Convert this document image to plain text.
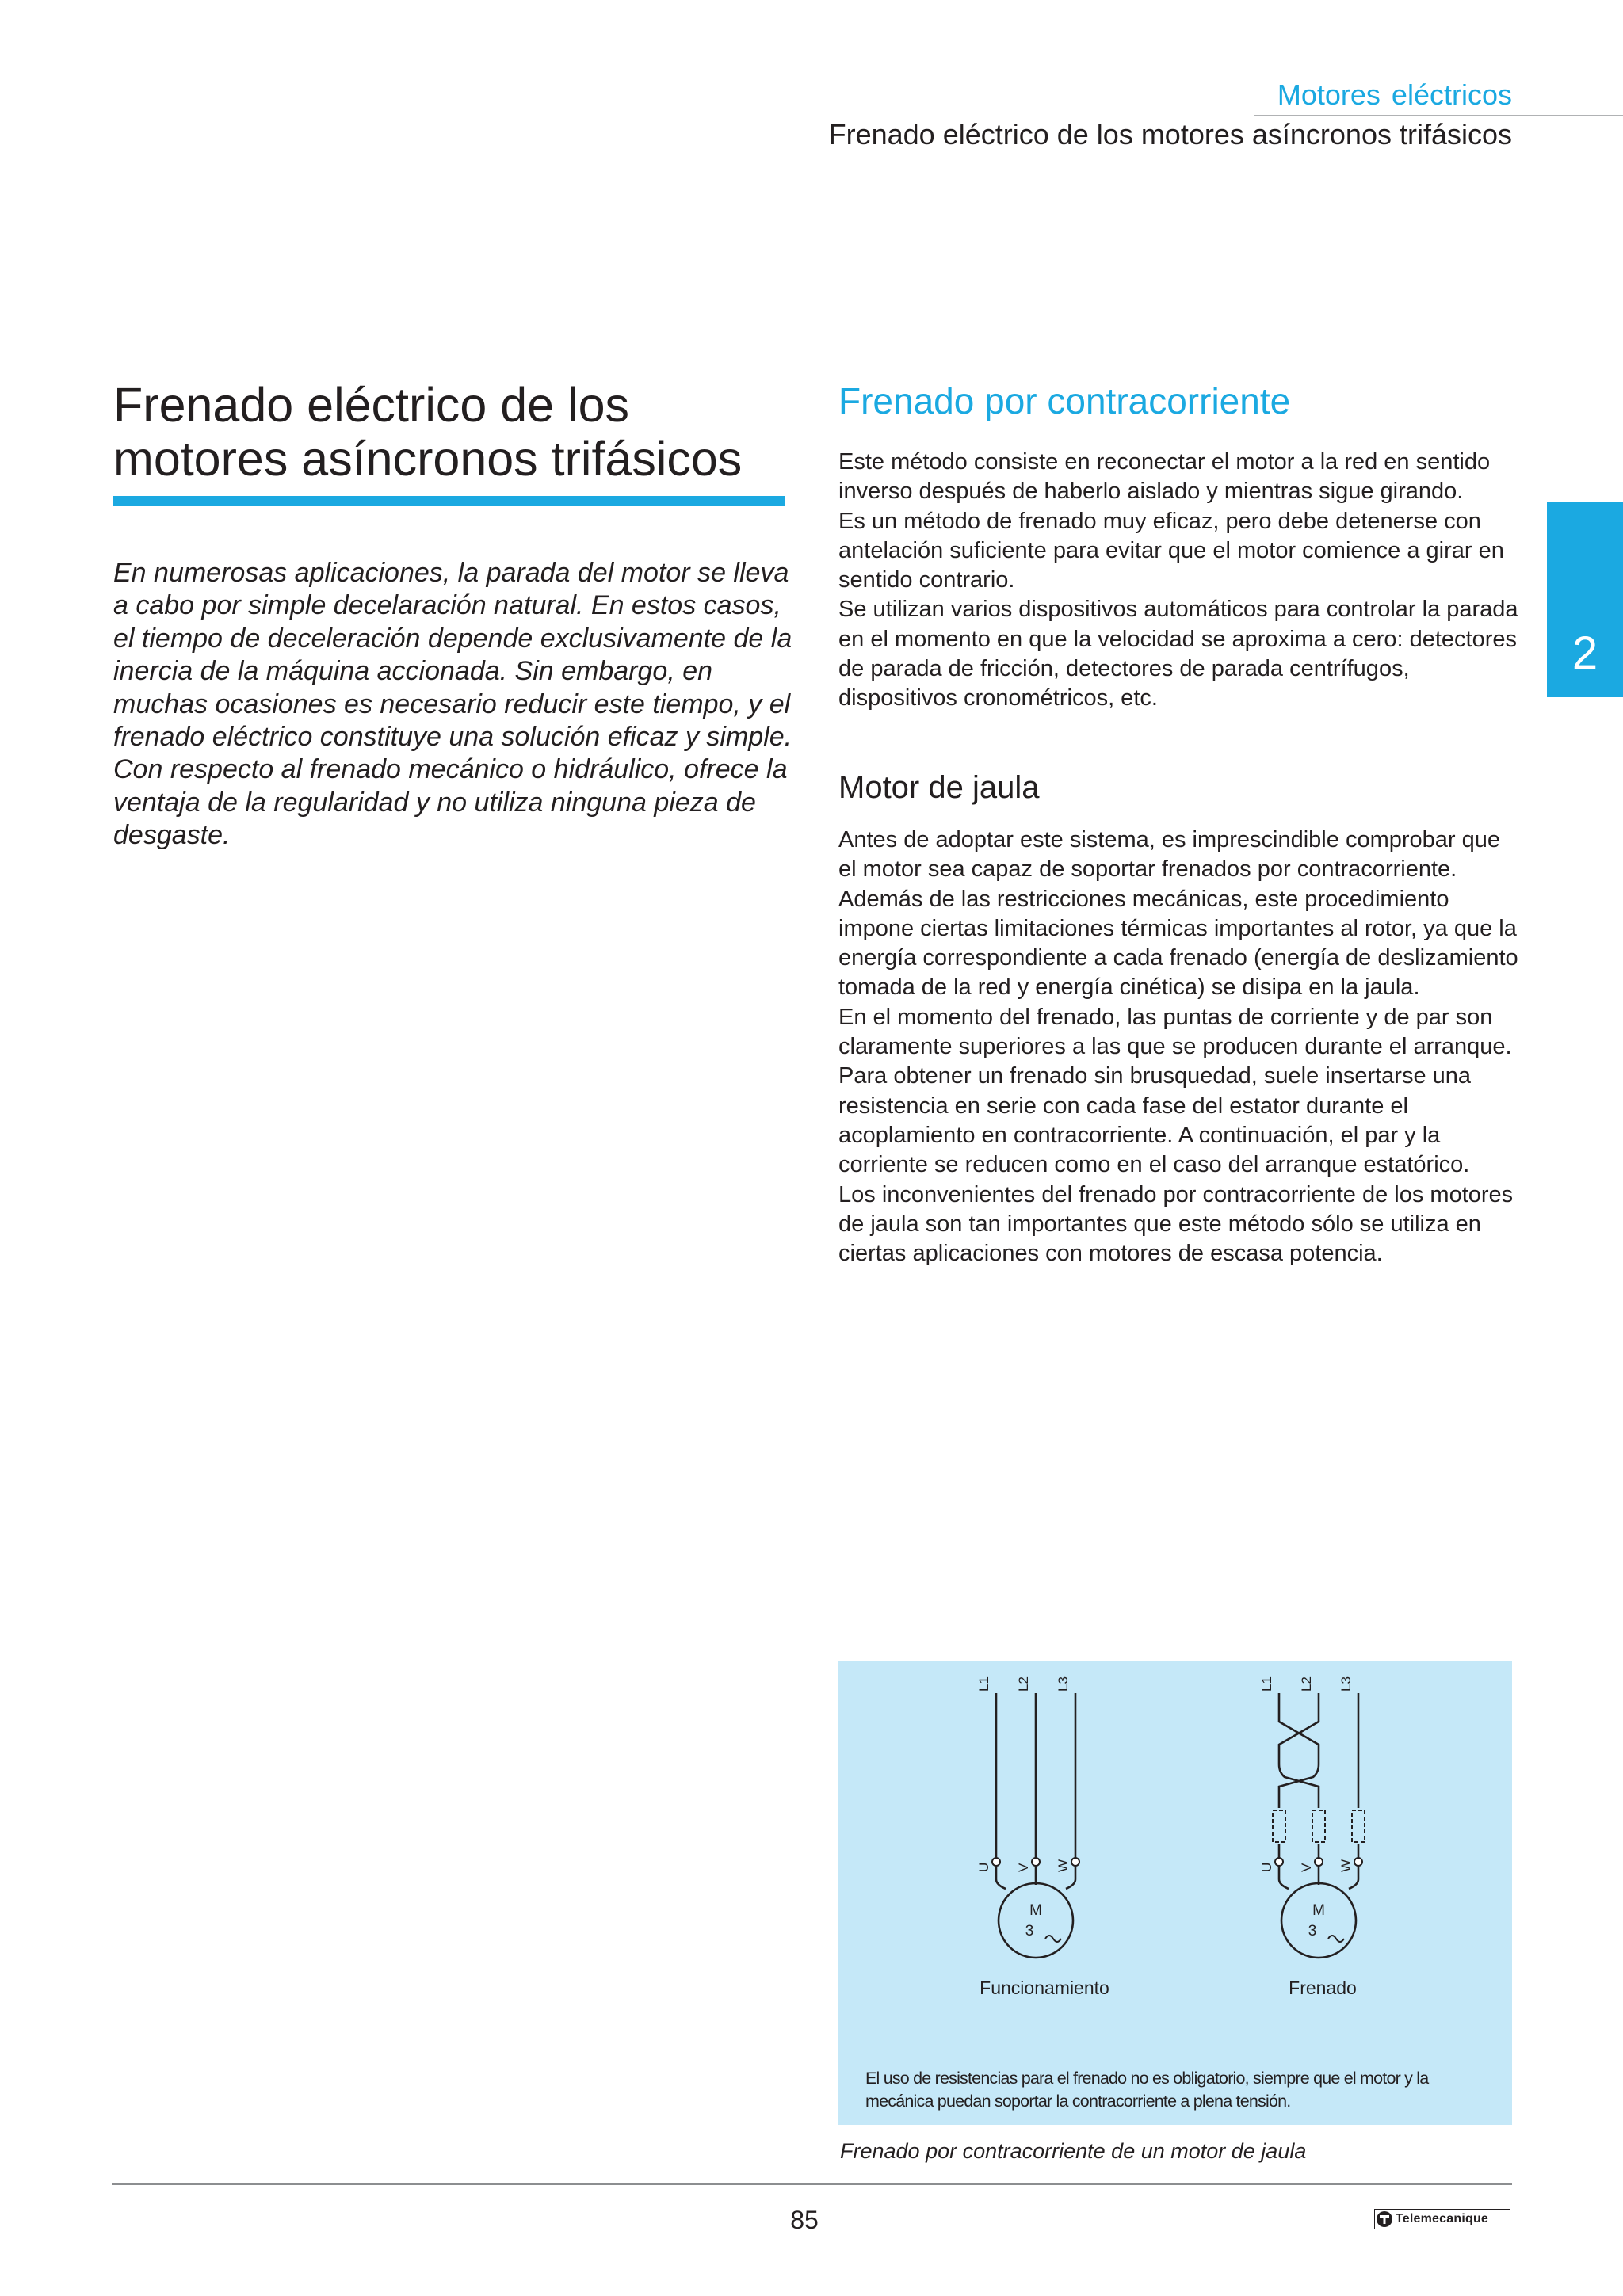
Motores eléctricos
Frenado eléctrico de los motores asíncronos trifásicos
2
Frenado eléctrico de los motores asíncronos trifásicos
En numerosas aplicaciones, la parada del motor se lleva a cabo por simple decelaración natural. En estos casos, el tiempo de deceleración depende exclusivamente de la inercia de la máquina accionada. Sin embargo, en muchas ocasiones es necesario reducir este tiempo, y el frenado eléctrico constituye una solución eficaz y simple. Con respecto al frenado mecánico o hidráulico, ofrece la ventaja de la regularidad y no utiliza ninguna pieza de desgaste.
Frenado por contracorriente

Este método consiste en reconectar el motor a la red en sentido inverso después de haberlo aislado y mientras sigue girando.

Es un método de frenado muy eficaz, pero debe detenerse con antelación suficiente para evitar que el motor comience a girar en sentido contrario.

Se utilizan varios dispositivos automáticos para controlar la parada en el momento en que la velocidad se aproxima a cero: detectores de parada de fricción, detectores de parada centrífugos, dispositivos cronométricos, etc.

Motor de jaula

Antes de adoptar este sistema, es imprescindible comprobar que el motor sea capaz de soportar frenados por contracorriente. Además de las restricciones mecánicas, este procedimiento impone ciertas limitaciones térmicas importantes al rotor, ya que la energía correspondiente a cada frenado (energía de deslizamiento tomada de la red y energía cinética) se disipa en la jaula.

En el momento del frenado, las puntas de corriente y de par son claramente superiores a las que se producen durante el arranque. Para obtener un frenado sin brusquedad, suele insertarse una resistencia en serie con cada fase del estator durante el acoplamiento en contracorriente. A continuación, el par y la corriente se reducen como en el caso del arranque estatórico.

Los inconvenientes del frenado por contracorriente de los motores de jaula son tan importantes que este método sólo se utiliza en ciertas aplicaciones con motores de escasa potencia.

L1 L2 L3
U V W
M
3
Funcionamiento
L1 L2 L3
U V W
M
3
Frenado
El uso de resistencias para el frenado no es obligatorio, siempre que el motor y la mecánica puedan soportar la contracorriente a plena tensión.
Frenado por contracorriente de un motor de jaula
85	Telemecanique
